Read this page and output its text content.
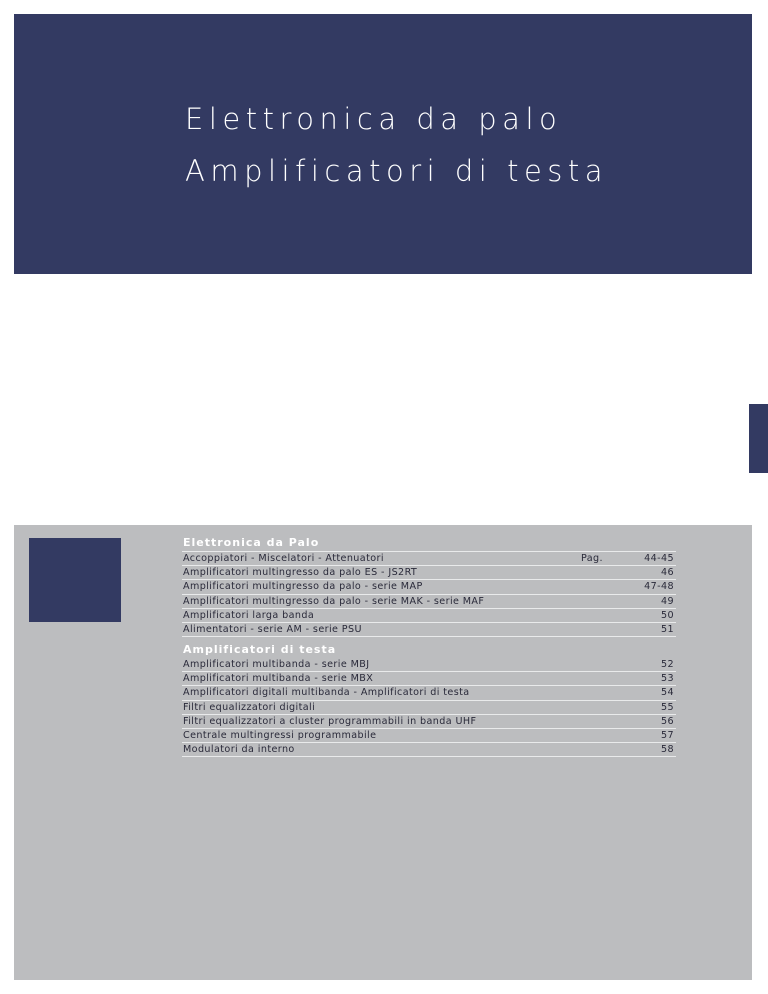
Elettronica da palo
Amplificatori di testa
Elettronica da Palo
Accoppiatori - Miscelatori - Attenuatori	Pag.	44-45
Amplificatori multingresso da palo ES - JS2RT	46
Amplificatori multingresso da palo - serie MAP	47-48
Amplificatori multingresso da palo - serie MAK - serie MAF	49
Amplificatori larga banda	50
Alimentatori - serie AM - serie PSU	51
Amplificatori di testa
Amplificatori multibanda - serie MBJ	52
Amplificatori multibanda - serie MBX	53
Amplificatori digitali multibanda - Amplificatori di testa	54
Filtri equalizzatori digitali	55
Filtri equalizzatori a cluster programmabili in banda UHF	56
Centrale multingressi programmabile	57
Modulatori da interno	58
